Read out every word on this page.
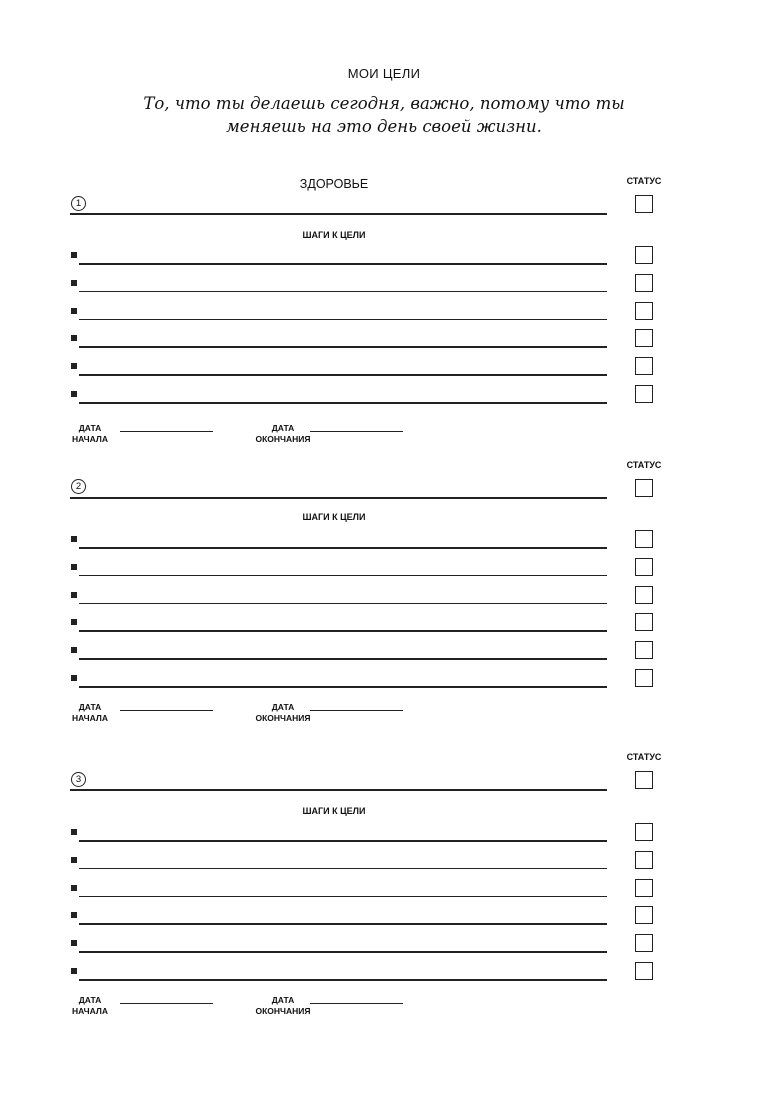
МОИ ЦЕЛИ
То, что ты делаешь сегодня, важно, потому что ты
меняешь на это день своей жизни.
ЗДОРОВЬЕ	СТАТУС
1
ШАГИ К ЦЕЛИ
ДАТА
НАЧАЛА
ДАТА
ОКОНЧАНИЯ
СТАТУС
2
ШАГИ К ЦЕЛИ
ДАТА
НАЧАЛА
ДАТА
ОКОНЧАНИЯ
СТАТУС
3
ШАГИ К ЦЕЛИ
ДАТА
НАЧАЛА
ДАТА
ОКОНЧАНИЯ
